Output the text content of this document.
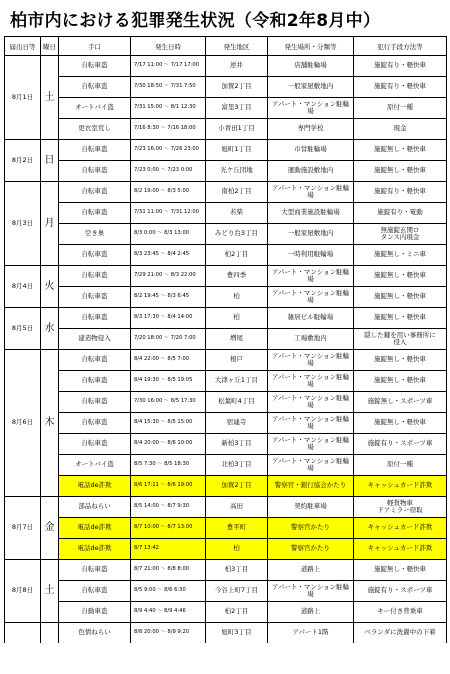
柏市内における犯罪発生状況（令和2年8月中）
届出日等	曜日	手口	発生日時	発生地区	発生場所・分類等	犯行手段方法等
8月1日	土	自転車盗	7/17 11:00 ～ 7/17 17:00	逆井	店舗駐輪場	施錠有り・軽快車
		自転車盗	7/30 18:50 ～ 7/31 7:50	加賀2丁目	一般家屋敷地内	施錠有り・軽快車
		オートバイ盗	7/31 15:00 ～ 8/1 12:30	富里3丁目	アパート・マンション駐輪場	原付一種
		更衣室荒し	7/16 8:30 ～ 7/16 18:00	小青田1丁目	専門学校	現金
8月2日	日	自転車盗	7/23 16:00 ～ 7/26 23:00	旭町1丁目	市営駐輪場	施錠無し・軽快車
		自転車盗	7/23 0:00 ～ 7/23 0:00	光ケ丘団地	運動施設敷地内	施錠無し・軽快車
8月3日	月	自転車盗	8/2 19:00 ～ 8/3 5:00	南柏2丁目	アパート・マンション駐輪場	施錠有り・軽快車
		自転車盗	7/31 11:00 ～ 7/31 12:00	若柴	大型商業施設駐輪場	施錠有り・電動
		空き巣	8/3 0:00 ～ 8/3 13:00	みどり台3丁目	一般家屋敷地内	無施錠玄関ロ
タンス内現金
		自転車盗	8/3 23:45 ～ 8/4 2:45	柏2丁目	一時利用駐輪場	施錠無し・ミニ車
8月4日	火	自転車盗	7/29 21:00 ～ 8/3 22:00	豊四季	アパート・マンション駐輪場	施錠無し・軽快車
		自転車盗	8/2 19:45 ～ 8/3 6:45	柏	アパート・マンション駐輪場	施錠無し・軽快車
8月5日	水	自転車盗	8/3 17:30 ～ 8/4 14:00	柏	雑居ビル駐輪場	施錠無し・軽快車
		建造物侵入	7/20 18:00 ～ 7/20 7:00	増尾	工場敷地内	隠した鍵を用い事務所に
侵入
8月6日	木	自転車盗	8/4 22:00 ～ 8/5 7:00	根戸	アパート・マンション駐輪場	施錠無し・軽快車
		自転車盗	8/4 19:30 ～ 8/5 19:05	大津ヶ丘1丁目	アパート・マンション駐輪場	施錠無し・軽快車
		自転車盗	7/30 16:00 ～ 8/5 17:30	松葉町4丁目	アパート・マンション駐輪場	施錠無し・スポーツ車
		自転車盗	8/4 15:30 ～ 8/5 15:00	宿連寺	アパート・マンション駐輪場	施錠無し・軽快車
		自転車盗	8/4 20:00 ～ 8/6 10:00	新柏3丁目	アパート・マンション駐輪場	施錠有り・スポーツ車
		オートバイ盗	8/5 7:30 ～ 8/5 18:30	北柏3丁目	アパート・マンション駐輪場	原付一種
		電話de詐欺	8/6 17:11 ～ 8/6 19:00	加賀2丁目	警察官・銀行協会かたり	キャッシュカード詐欺
8月7日	金	部品ねらい	8/5 14:00 ～ 8/7 9:30	高田	契約駐車場	軽貨物車
ドアミラー窃取
		電話de詐欺	8/7 10:00 ～ 8/7 13:00	豊平町	警察官かたり	キャッシュカード詐欺
		電話de詐欺	8/7 13:42	柏	警察官かたり	キャッシュカード詐欺
8月8日	土	自転車盗	8/7 21:00 ～ 8/8 8:00	柏3丁目	道路上	施錠無し・軽快車
		自転車盗	8/5 9:00 ～ 8/6 6:30	今谷上町7丁目	アパート・マンション駐輪場	施錠有り・スポーツ車
		自動車盗	8/9 4:40 ～ 8/9 4:46	柏2丁目	道路上	キー付き普乗車
		色情ねらい	8/8 20:00 ～ 8/9 9:20	旭町3丁目	アパート1階	ベランダに洗濯中の下着
